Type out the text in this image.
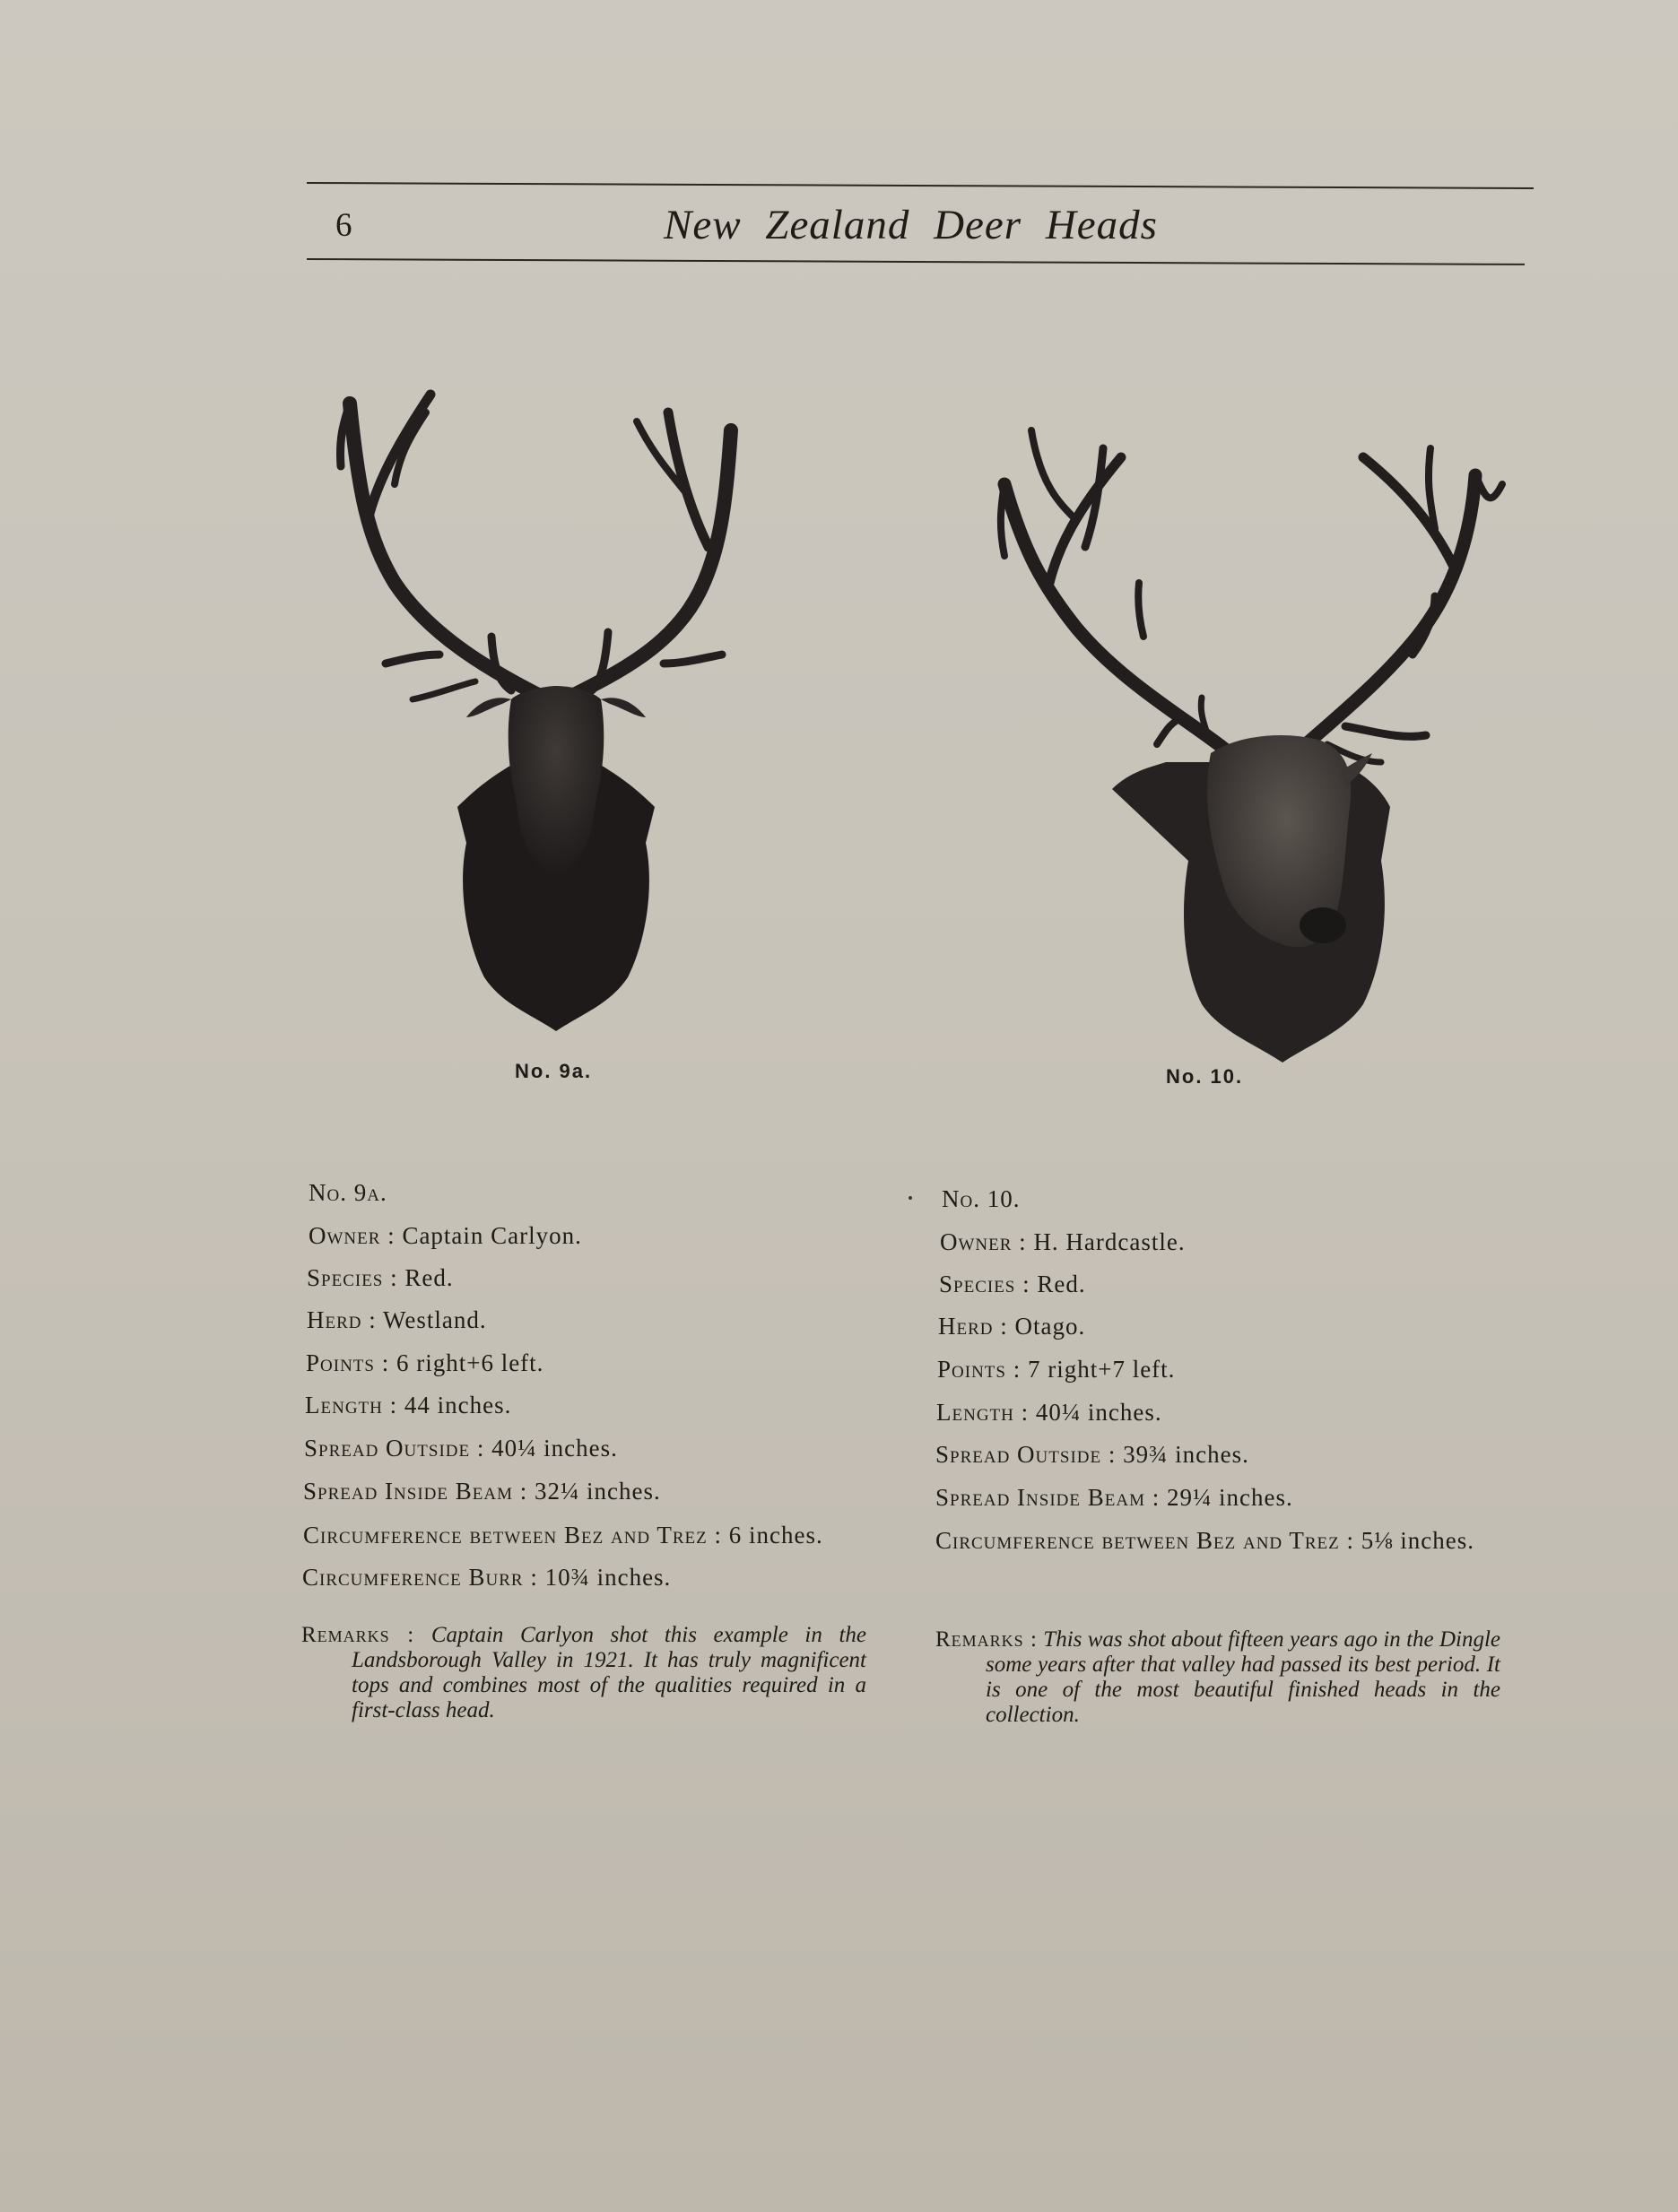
6	New Zealand Deer Heads
No. 9a.	No. 10.
No. 9a.
Owner : Captain Carlyon.
Species : Red.
Herd : Westland.
Points : 6 right+6 left.
Length : 44 inches.
Spread Outside : 40¼ inches.
Spread Inside Beam : 32¼ inches.
Circumference between Bez and Trez : 6 inches.
Circumference Burr : 10¾ inches.

Remarks : Captain Carlyon shot this example in the Landsborough Valley in 1921. It has truly magnificent tops and combines most of the qualities required in a first-class head.

No. 10.
Owner : H. Hardcastle.
Species : Red.
Herd : Otago.
Points : 7 right+7 left.
Length : 40¼ inches.
Spread Outside : 39¾ inches.
Spread Inside Beam : 29¼ inches.
Circumference between Bez and Trez : 5⅛ inches.

Remarks : This was shot about fifteen years ago in the Dingle some years after that valley had passed its best period. It is one of the most beautiful finished heads in the collection.
